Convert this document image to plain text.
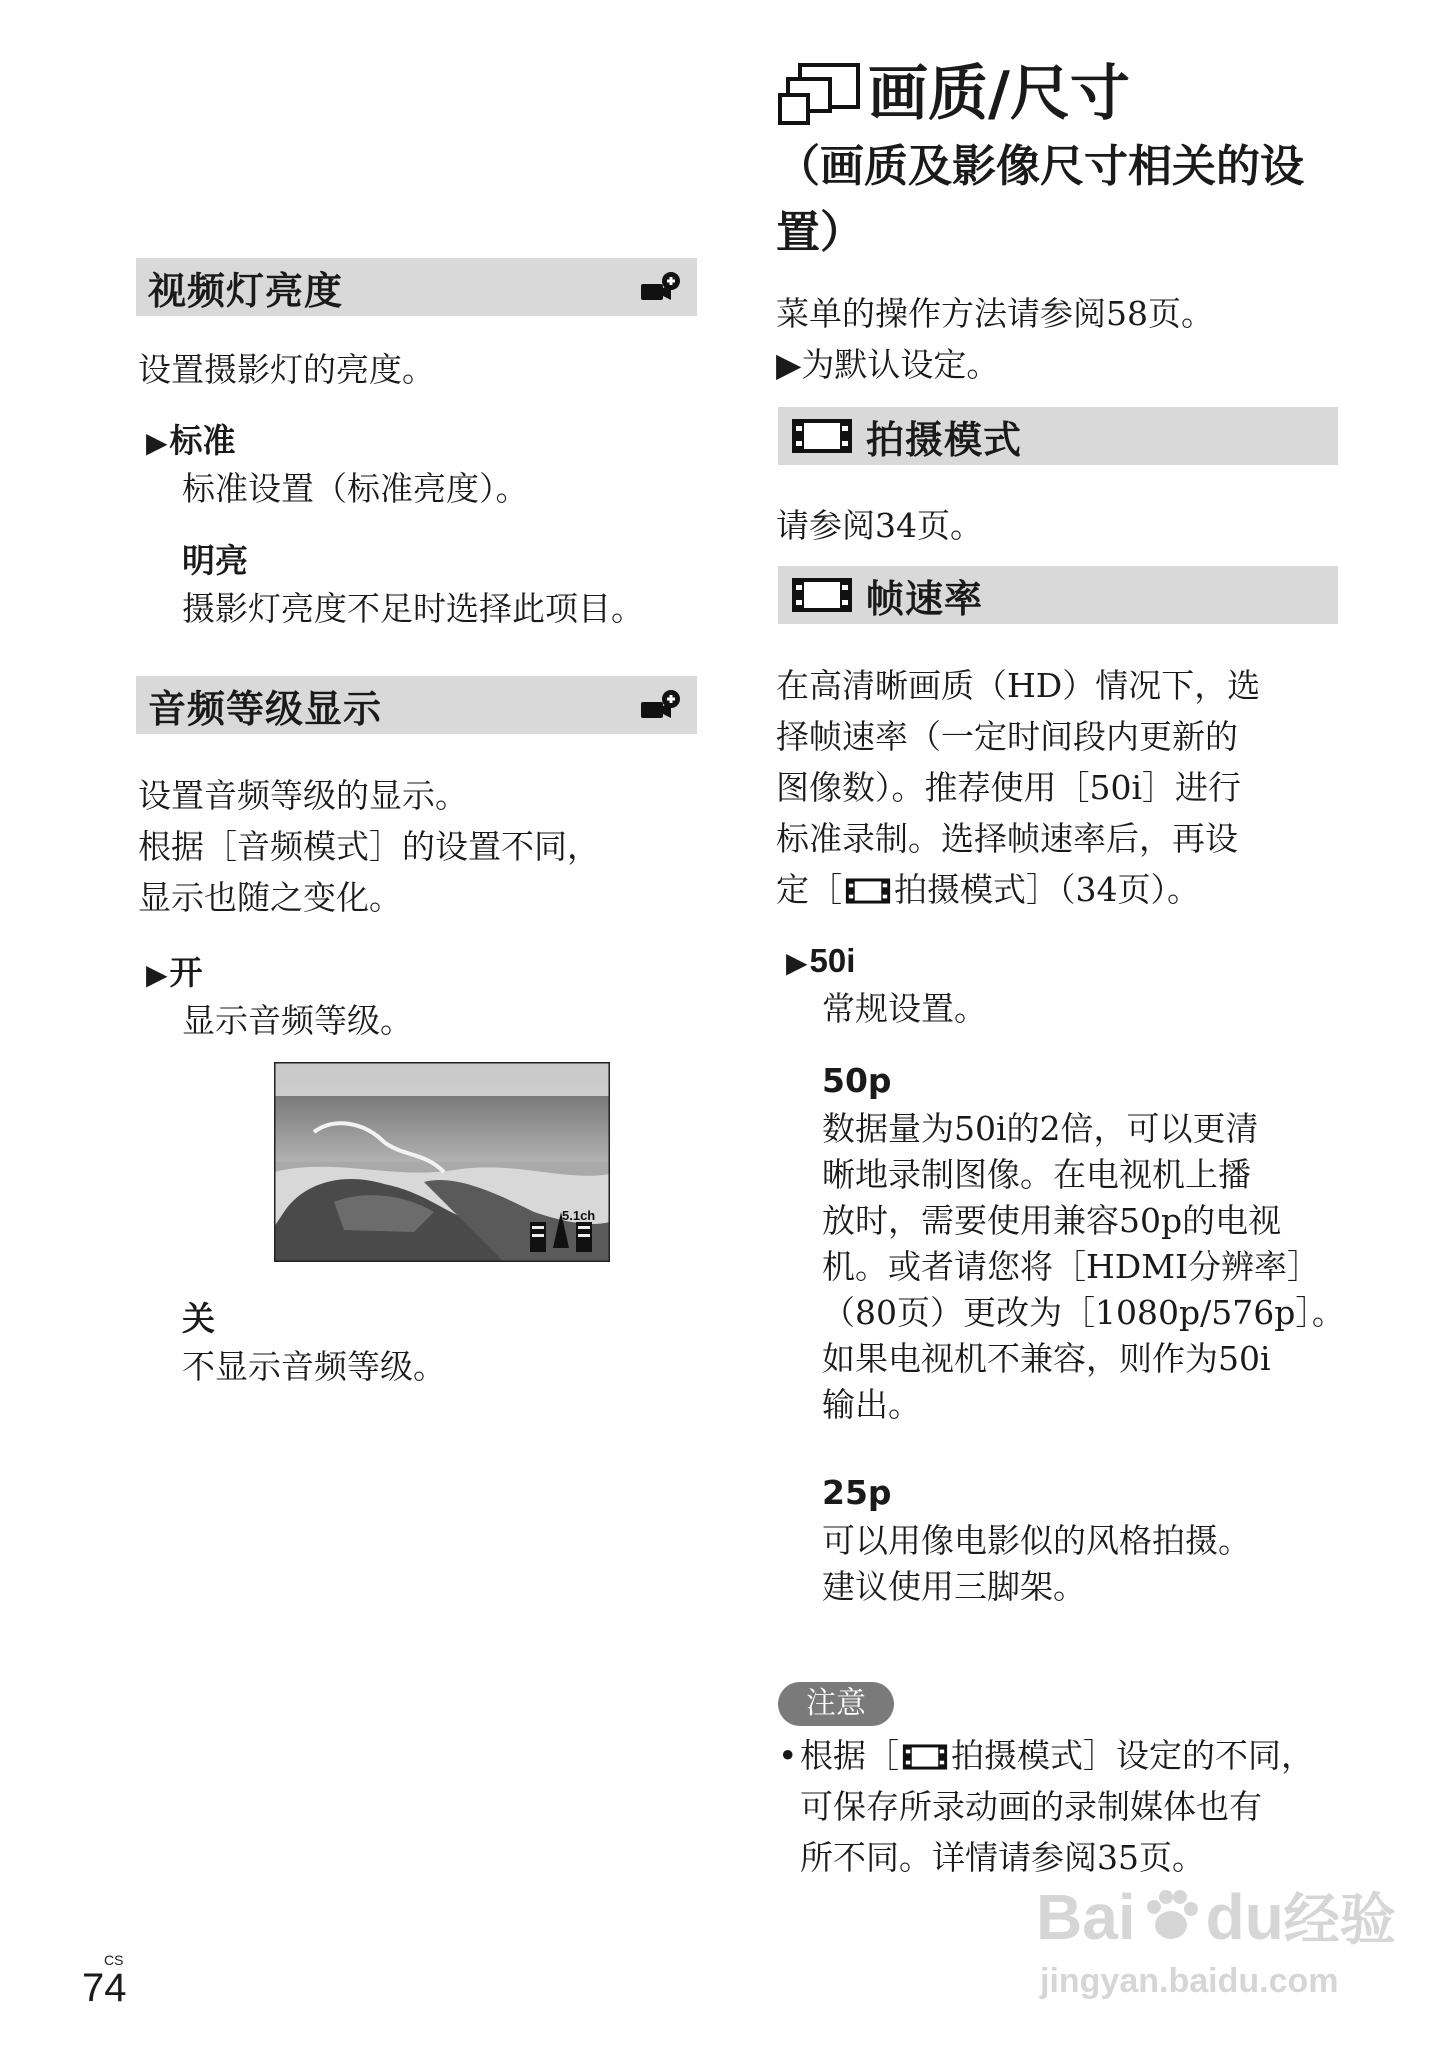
视频灯亮度
设置摄影灯的亮度。
▶标准
标准设置（标准亮度）。
明亮
摄影灯亮度不足时选择此项目。
音频等级显示
设置音频等级的显示。
根据［音频模式］的设置不同，
显示也随之变化。
▶开
显示音频等级。
5.1ch
关
不显示音频等级。
画质/尺寸
（画质及影像尺寸相关的设
置）
菜单的操作方法请参阅58页。
▶为默认设定。
拍摄模式
请参阅34页。
帧速率
在高清晰画质（HD）情况下，选
择帧速率（一定时间段内更新的
图像数）。推荐使用［50i］进行
标准录制。选择帧速率后，再设
定［ 拍摄模式］（34页）。
▶50i
常规设置。
50p
数据量为50i的2倍，可以更清
晰地录制图像。在电视机上播
放时，需要使用兼容50p的电视
机。或者请您将［HDMI分辨率］
（80页）更改为［1080p/576p］。
如果电视机不兼容，则作为50i
输出。
25p
可以用像电影似的风格拍摄。
建议使用三脚架。
注意
•根据［ 拍摄模式］设定的不同，
可保存所录动画的录制媒体也有
所不同。详情请参阅35页。
CS
74
Bai du经验
jingyan.baidu.com
